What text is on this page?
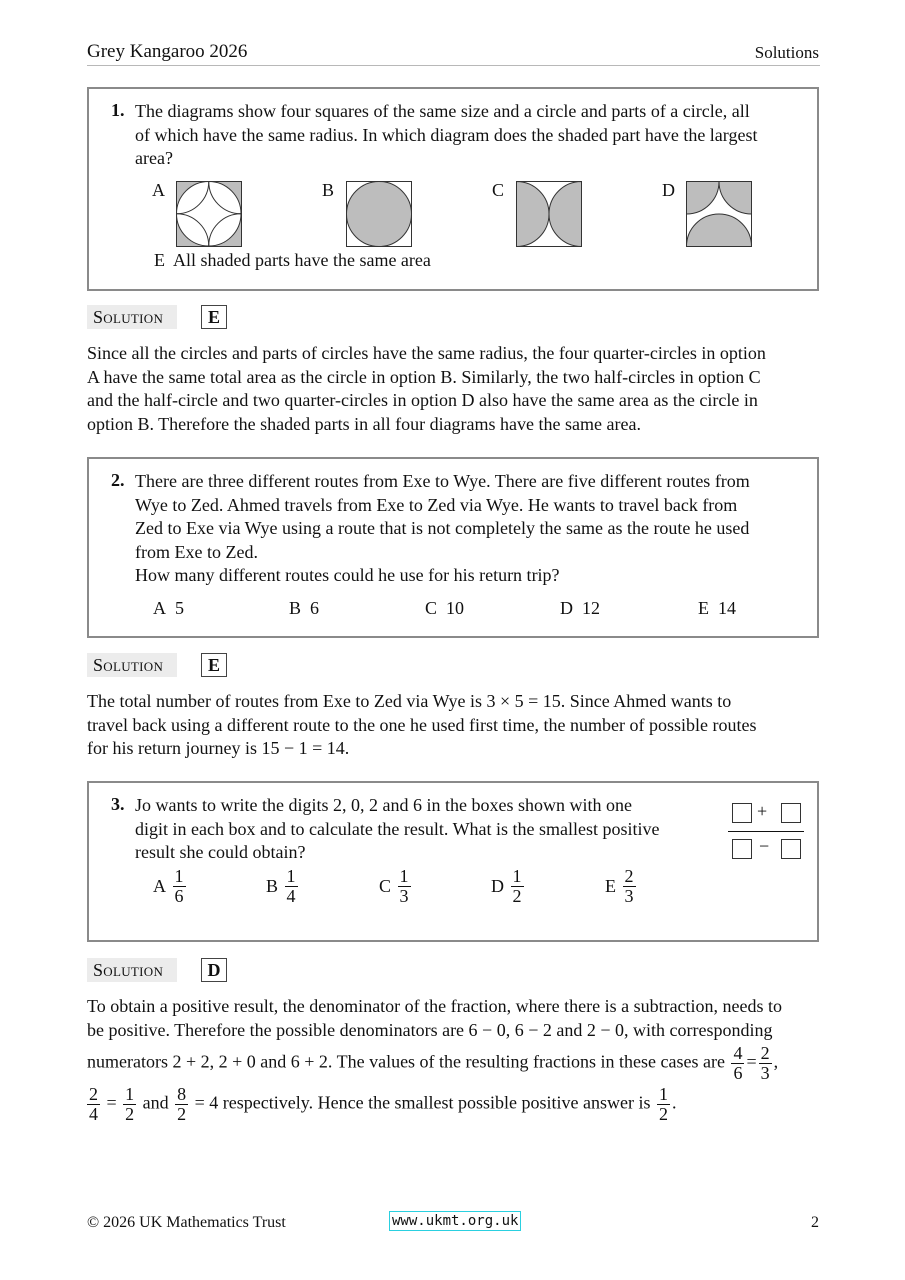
Grey Kangaroo 2026	Solutions
1. The diagrams show four squares of the same size and a circle and parts of a circle, all
of which have the same radius. In which diagram does the shaded part have the largest
area?
A	B	C	D
E  All shaded parts have the same area
Solution	E

Since all the circles and parts of circles have the same radius, the four quarter-circles in option

A have the same total area as the circle in option B. Similarly, the two half-circles in option C

and the half-circle and two quarter-circles in option D also have the same area as the circle in

option B. Therefore the shaded parts in all four diagrams have the same area.

2. There are three different routes from Exe to Wye. There are five different routes from
Wye to Zed. Ahmed travels from Exe to Zed via Wye. He wants to travel back from
Zed to Exe via Wye using a route that is not completely the same as the route he used
from Exe to Zed.
How many different routes could he use for his return trip?
A 5	B 6	C 10	D 12	E 14
Solution	E

The total number of routes from Exe to Zed via Wye is 3 × 5 = 15. Since Ahmed wants to

travel back using a different route to the one he used first time, the number of possible routes

for his return journey is 15 − 1 = 14.

3. Jo wants to write the digits 2, 0, 2 and 6 in the boxes shown with one
digit in each box and to calculate the result. What is the smallest positive
result she could obtain?
+
−
A $\frac{1}{6}$	B $\frac{1}{4}$	C $\frac{1}{3}$	D $\frac{1}{2}$	E $\frac{2}{3}$
Solution	D

To obtain a positive result, the denominator of the fraction, where there is a subtraction, needs to

be positive. Therefore the possible denominators are 6 − 0, 6 − 2 and 2 − 0, with corresponding

numerators 2 + 2, 2 + 0 and 6 + 2. The values of the resulting fractions in these cases are $\frac{4}{6} = \frac{2}{3}$ ,

$\frac{2}{4} = \frac{1}{2}$ and $\frac{8}{2} = 4$ respectively. Hence the smallest possible positive answer is $\frac{1}{2}$ .

© 2026 UK Mathematics Trust	www.ukmt.org.uk	2
